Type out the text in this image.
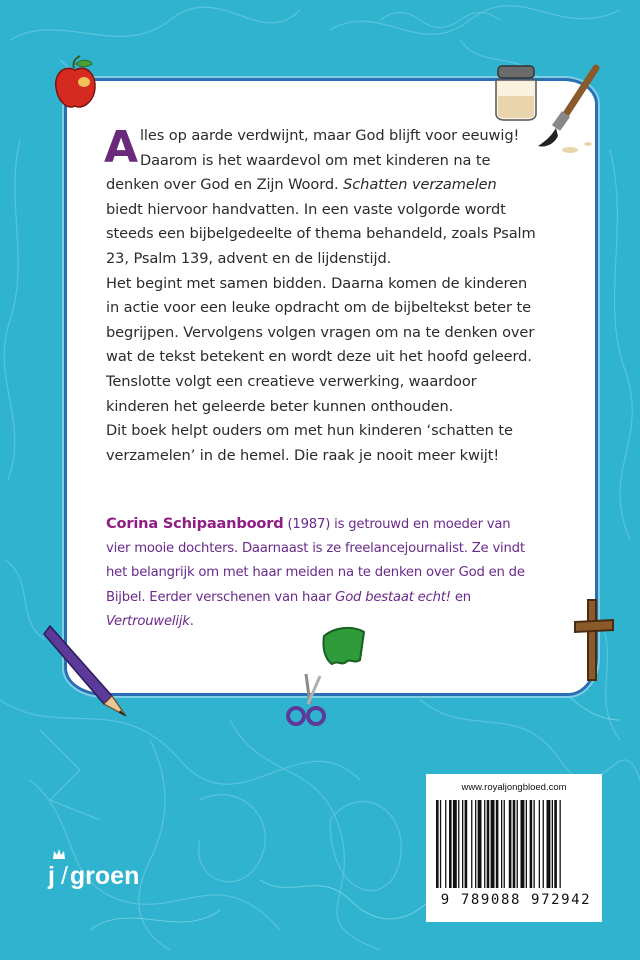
A lles op aarde verdwijnt, maar God blijft voor eeuwig! Daarom is het waardevol om met kinderen na te denken over God en Zijn Woord. Schatten verzamelen biedt hiervoor handvatten. In een vaste volgorde wordt steeds een bijbelgedeelte of thema behandeld, zoals Psalm 23, Psalm 139, advent en de lijdenstijd.

Het begint met samen bidden. Daarna komen de kinderen in actie voor een leuke opdracht om de bijbeltekst beter te begrijpen. Vervolgens volgen vragen om na te denken over wat de tekst betekent en wordt deze uit het hoofd geleerd. Tenslotte volgt een creatieve verwerking, waardoor kinderen het geleerde beter kunnen onthouden.

Dit boek helpt ouders om met hun kinderen ‘schatten te verzamelen’ in de hemel. Die raak je nooit meer kwijt!

Corina Schipaanboord (1987) is getrouwd en moeder van vier mooie dochters. Daarnaast is ze freelancejournalist. Ze vindt het belangrijk om met haar meiden na te denken over God en de Bijbel. Eerder verschenen van haar God bestaat echt! en Vertrouwelijk.
www.royaljongbloed.com
9 789088 972942
j /groen
